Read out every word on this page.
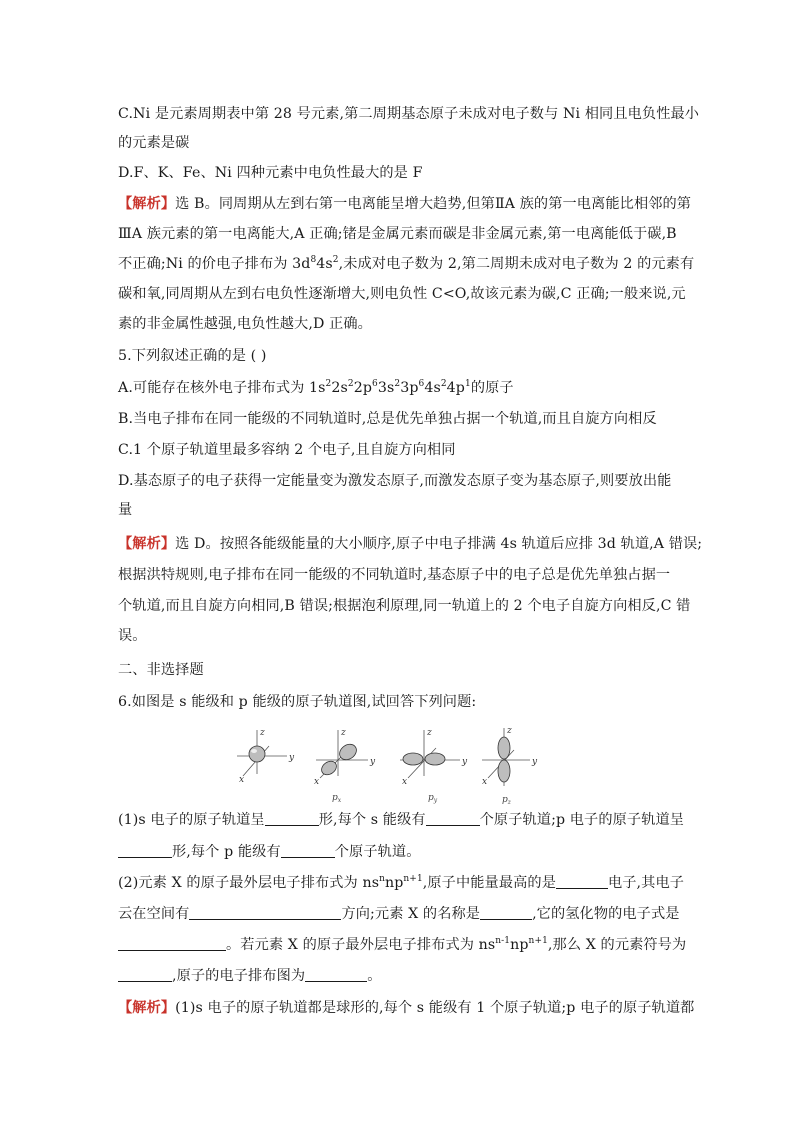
C.Ni 是元素周期表中第 28 号元素,第二周期基态原子未成对电子数与 Ni 相同且电负性最小
的元素是碳
D.F、K、Fe、Ni 四种元素中电负性最大的是 F
【解析】选 B。同周期从左到右第一电离能呈增大趋势,但第ⅡA 族的第一电离能比相邻的第
ⅢA 族元素的第一电离能大,A 正确;锗是金属元素而碳是非金属元素,第一电离能低于碳,B
不正确;Ni 的价电子排布为 $3d^84s^2$,未成对电子数为 2,第二周期未成对电子数为 2 的元素有
碳和氧,同周期从左到右电负性逐渐增大,则电负性 C<O,故该元素为碳,C 正确;一般来说,元
素的非金属性越强,电负性越大,D 正确。
5.下列叙述正确的是 ( )
A.可能存在核外电子排布式为 $1s^22s^22p^63s^23p^64s^24p^1$的原子
B.当电子排布在同一能级的不同轨道时,总是优先单独占据一个轨道,而且自旋方向相反
C.1 个原子轨道里最多容纳 2 个电子,且自旋方向相同
D.基态原子的电子获得一定能量变为激发态原子,而激发态原子变为基态原子,则要放出能
量
【解析】选 D。按照各能级能量的大小顺序,原子中电子排满 4s 轨道后应排 3d 轨道,A 错误;
根据洪特规则,电子排布在同一能级的不同轨道时,基态原子中的电子总是优先单独占据一
个轨道,而且自旋方向相同,B 错误;根据泡利原理,同一轨道上的 2 个电子自旋方向相反,C 错
误。
二、非选择题
6.如图是 s 能级和 p 能级的原子轨道图,试回答下列问题:
z
y
x
z
y
x
$p_x$
z
y
x
$p_y$
z
y
x
$p_z$
(1)s 电子的原子轨道呈	形,每个 s 能级有	个原子轨道;p 电子的原子轨道呈
形,每个 p 能级有	个原子轨道。
(2)元素 X 的原子最外层电子排布式为 $ns^nnp^{n+1}$,原子中能量最高的是	电子,其电子
云在空间有	方向;元素 X 的名称是	,它的氢化物的电子式是
。若元素 X 的原子最外层电子排布式为 $ns^{n-1}np^{n+1}$,那么 X 的元素符号为
,原子的电子排布图为	。
【解析】(1)s 电子的原子轨道都是球形的,每个 s 能级有 1 个原子轨道;p 电子的原子轨道都
